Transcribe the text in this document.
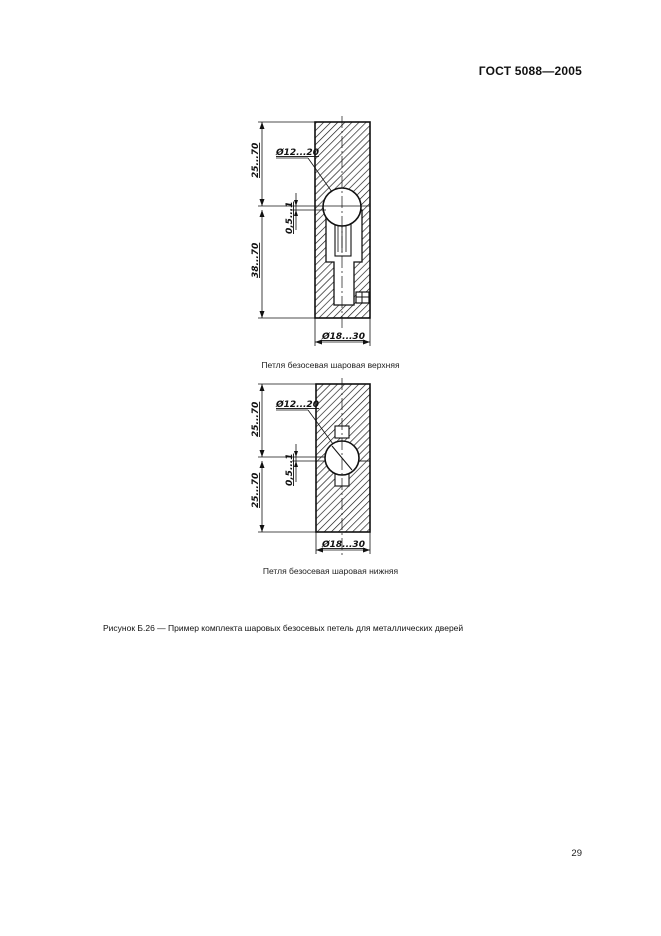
ГОСТ 5088—2005
Ø12...20
Ø18...30
25...70
38...70
0,5...1
Ø12...20
Ø18...30
25...70
25...70
0,5...1
Петля безосевая шаровая верхняя
Петля безосевая шаровая нижняя
Рисунок Б.26 — Пример комплекта шаровых безосевых петель для металлических дверей
29
